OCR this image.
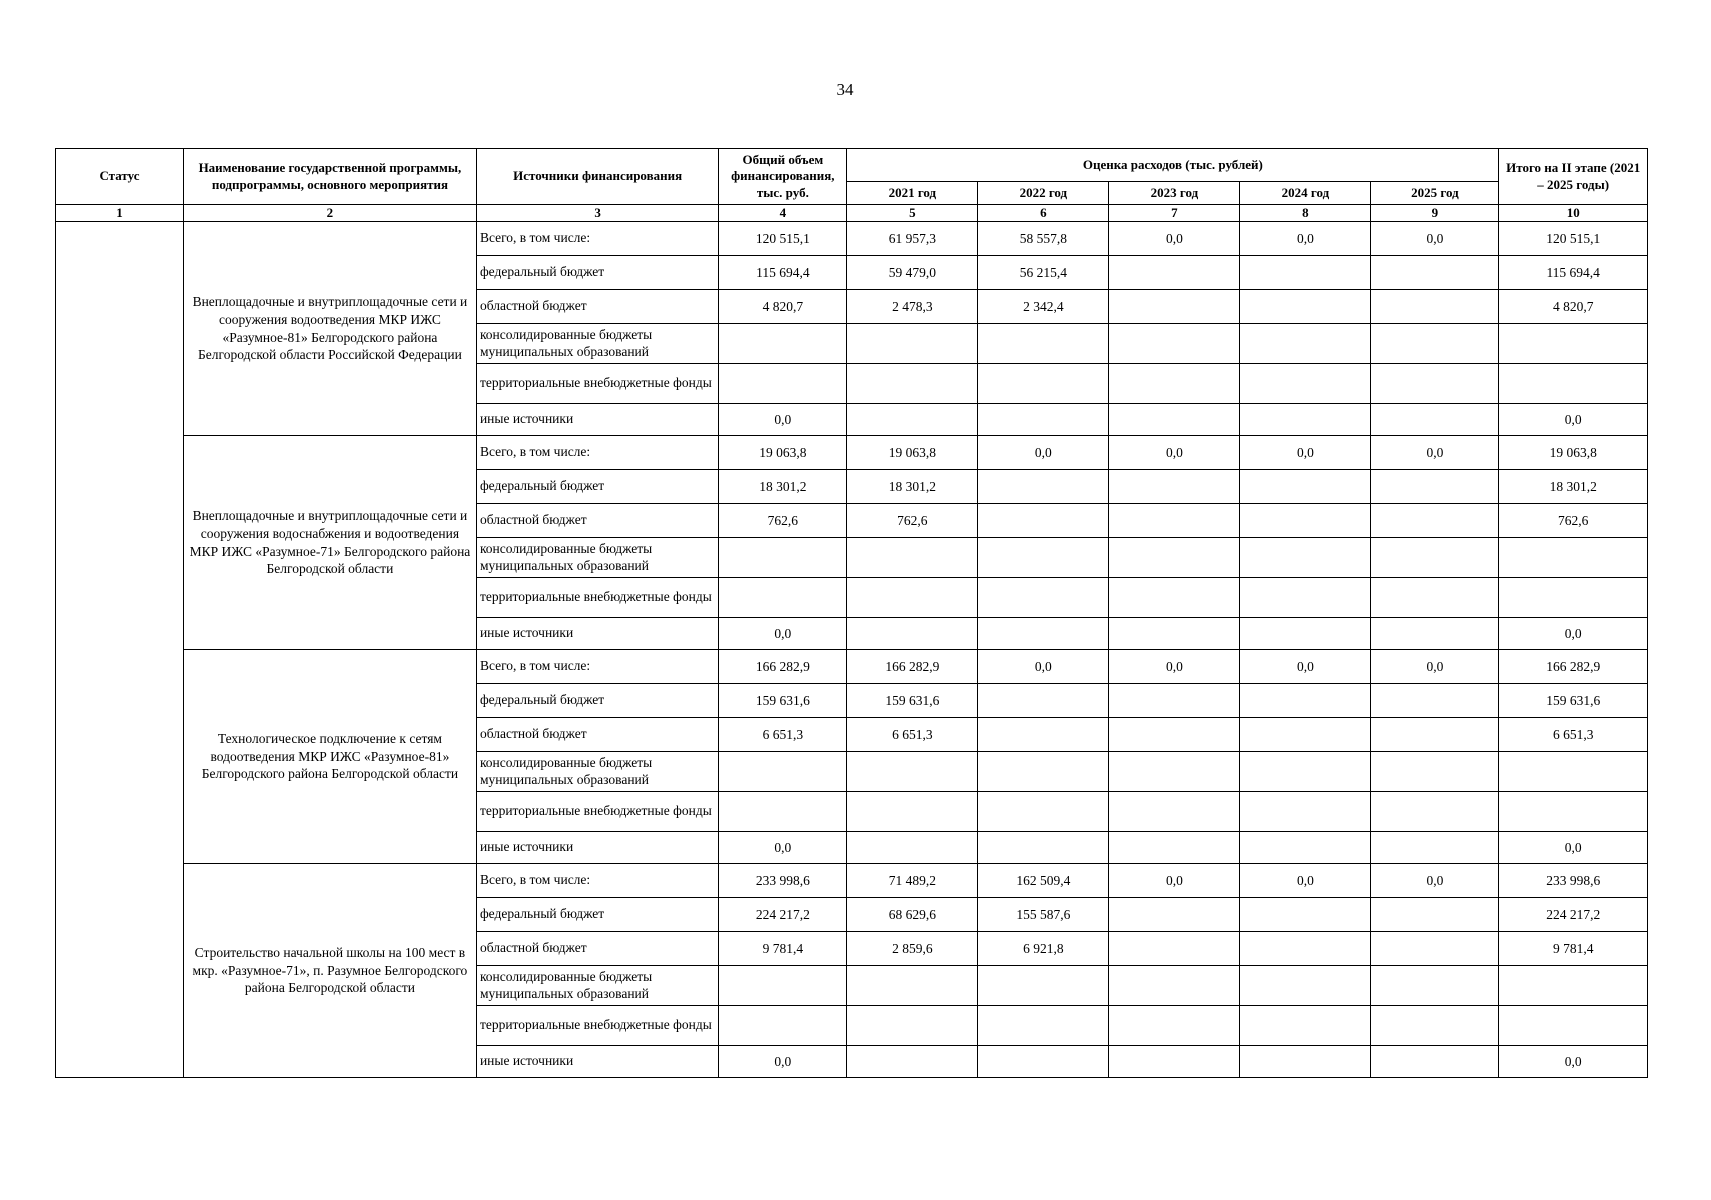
34
Статус	Наименование государственной программы, подпрограммы, основного мероприятия	Источники финансирования	Общий объем финансирования, тыс. руб.	Оценка расходов (тыс. рублей)					Итого на II этапе (2021 – 2025 годы)
				2021 год	2022 год	2023 год	2024 год	2025 год	
1	2	3	4	5	6	7	8	9	10
	Внеплощадочные и внутриплощадочные сети и сооружения водоотведения МКР ИЖС «Разумное-81» Белгородского района Белгородской области Российской Федерации	Всего, в том числе:	120 515,1	61 957,3	58 557,8	0,0	0,0	0,0	120 515,1
		федеральный бюджет	115 694,4	59 479,0	56 215,4				115 694,4
		областной бюджет	4 820,7	2 478,3	2 342,4				4 820,7
		консолидированные бюджеты муниципальных образований							
		территориальные внебюджетные фонды							
		иные источники	0,0						0,0
	Внеплощадочные и внутриплощадочные сети и сооружения водоснабжения и водоотведения МКР ИЖС «Разумное-71» Белгородского района Белгородской области	Всего, в том числе:	19 063,8	19 063,8	0,0	0,0	0,0	0,0	19 063,8
		федеральный бюджет	18 301,2	18 301,2					18 301,2
		областной бюджет	762,6	762,6					762,6
		консолидированные бюджеты муниципальных образований							
		территориальные внебюджетные фонды							
		иные источники	0,0						0,0
	Технологическое подключение к сетям водоотведения МКР ИЖС «Разумное-81» Белгородского района Белгородской области	Всего, в том числе:	166 282,9	166 282,9	0,0	0,0	0,0	0,0	166 282,9
		федеральный бюджет	159 631,6	159 631,6					159 631,6
		областной бюджет	6 651,3	6 651,3					6 651,3
		консолидированные бюджеты муниципальных образований							
		территориальные внебюджетные фонды							
		иные источники	0,0						0,0
	Строительство начальной школы на 100 мест в мкр. «Разумное-71», п. Разумное Белгородского района Белгородской области	Всего, в том числе:	233 998,6	71 489,2	162 509,4	0,0	0,0	0,0	233 998,6
		федеральный бюджет	224 217,2	68 629,6	155 587,6				224 217,2
		областной бюджет	9 781,4	2 859,6	6 921,8				9 781,4
		консолидированные бюджеты муниципальных образований							
		территориальные внебюджетные фонды							
		иные источники	0,0						0,0
